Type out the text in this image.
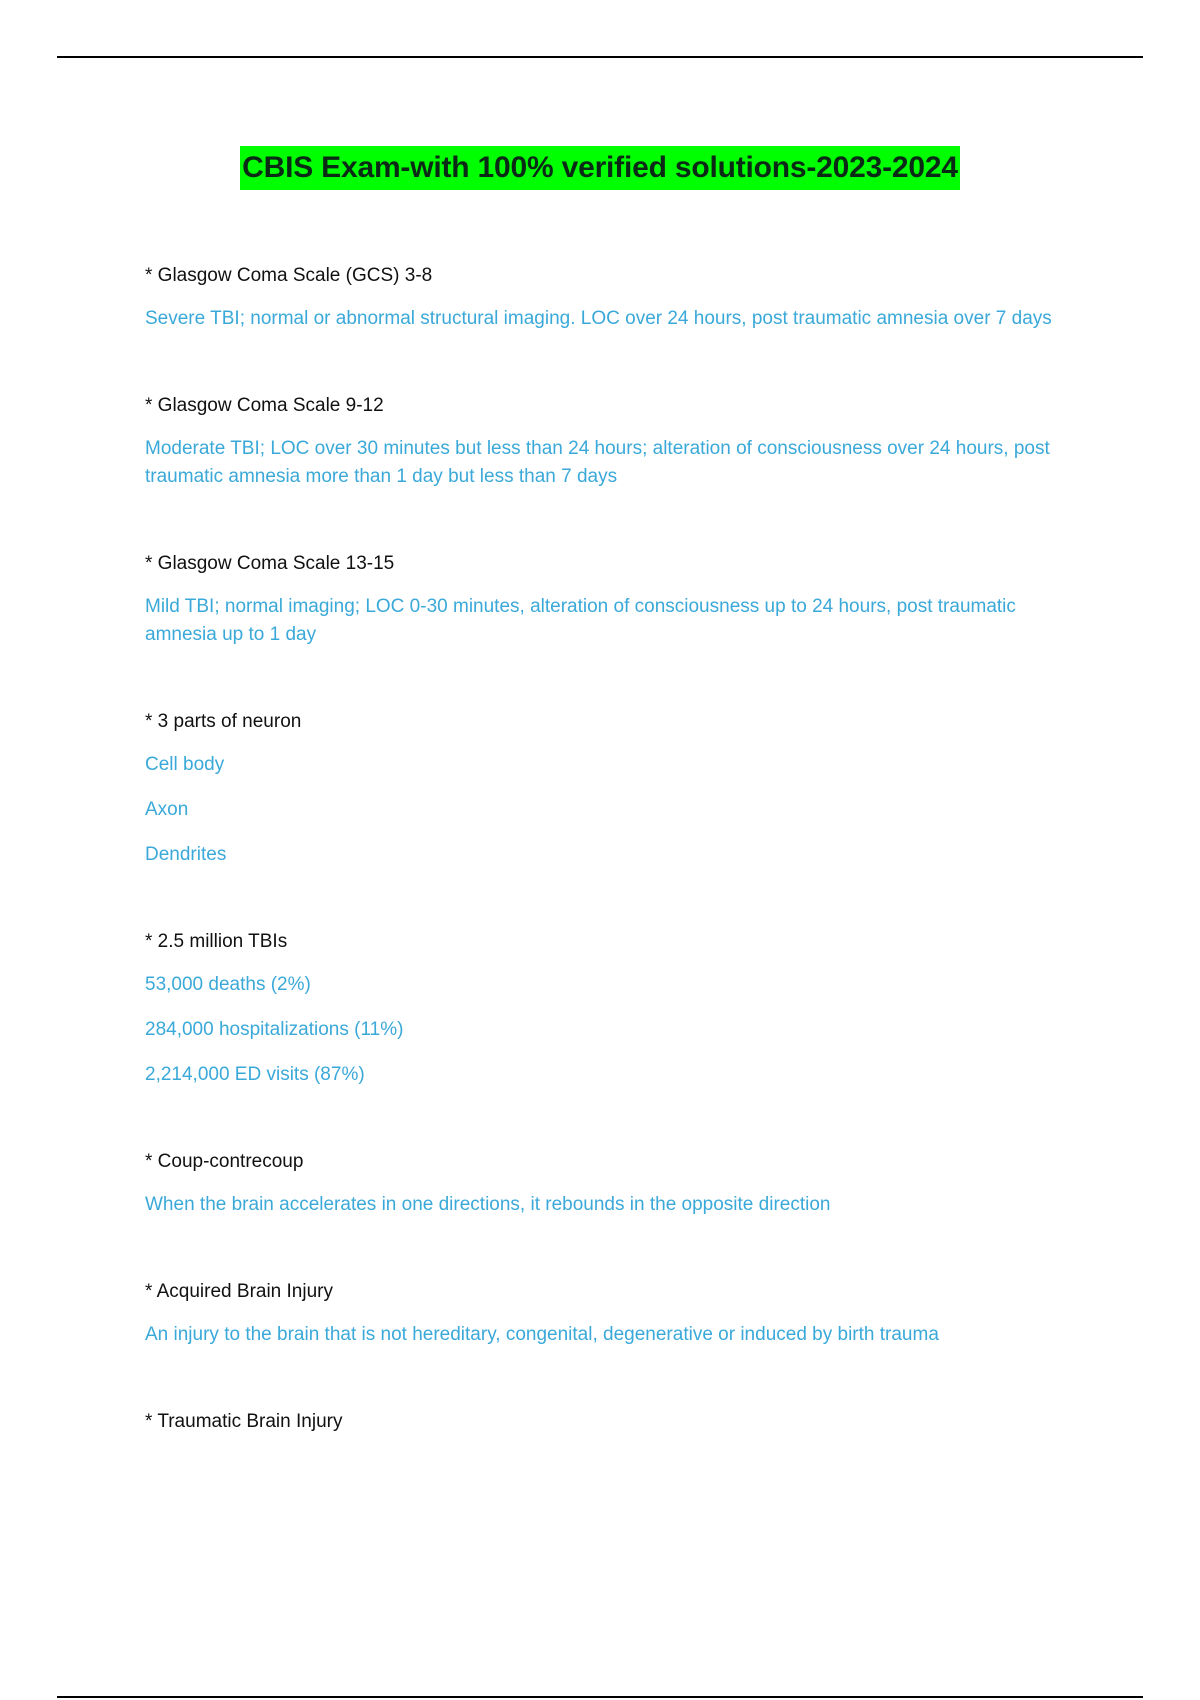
CBIS Exam-with 100% verified solutions-2023-2024

* Glasgow Coma Scale (GCS) 3-8

Severe TBI; normal or abnormal structural imaging. LOC over 24 hours, post traumatic amnesia over 7 days

* Glasgow Coma Scale 9-12

Moderate TBI; LOC over 30 minutes but less than 24 hours; alteration of consciousness over 24 hours, post traumatic amnesia more than 1 day but less than 7 days

* Glasgow Coma Scale 13-15

Mild TBI; normal imaging; LOC 0-30 minutes, alteration of consciousness up to 24 hours, post traumatic amnesia up to 1 day

* 3 parts of neuron

Cell body

Axon

Dendrites

* 2.5 million TBIs

53,000 deaths (2%)

284,000 hospitalizations (11%)

2,214,000 ED visits (87%)

* Coup-contrecoup

When the brain accelerates in one directions, it rebounds in the opposite direction

* Acquired Brain Injury

An injury to the brain that is not hereditary, congenital, degenerative or induced by birth trauma

* Traumatic Brain Injury
